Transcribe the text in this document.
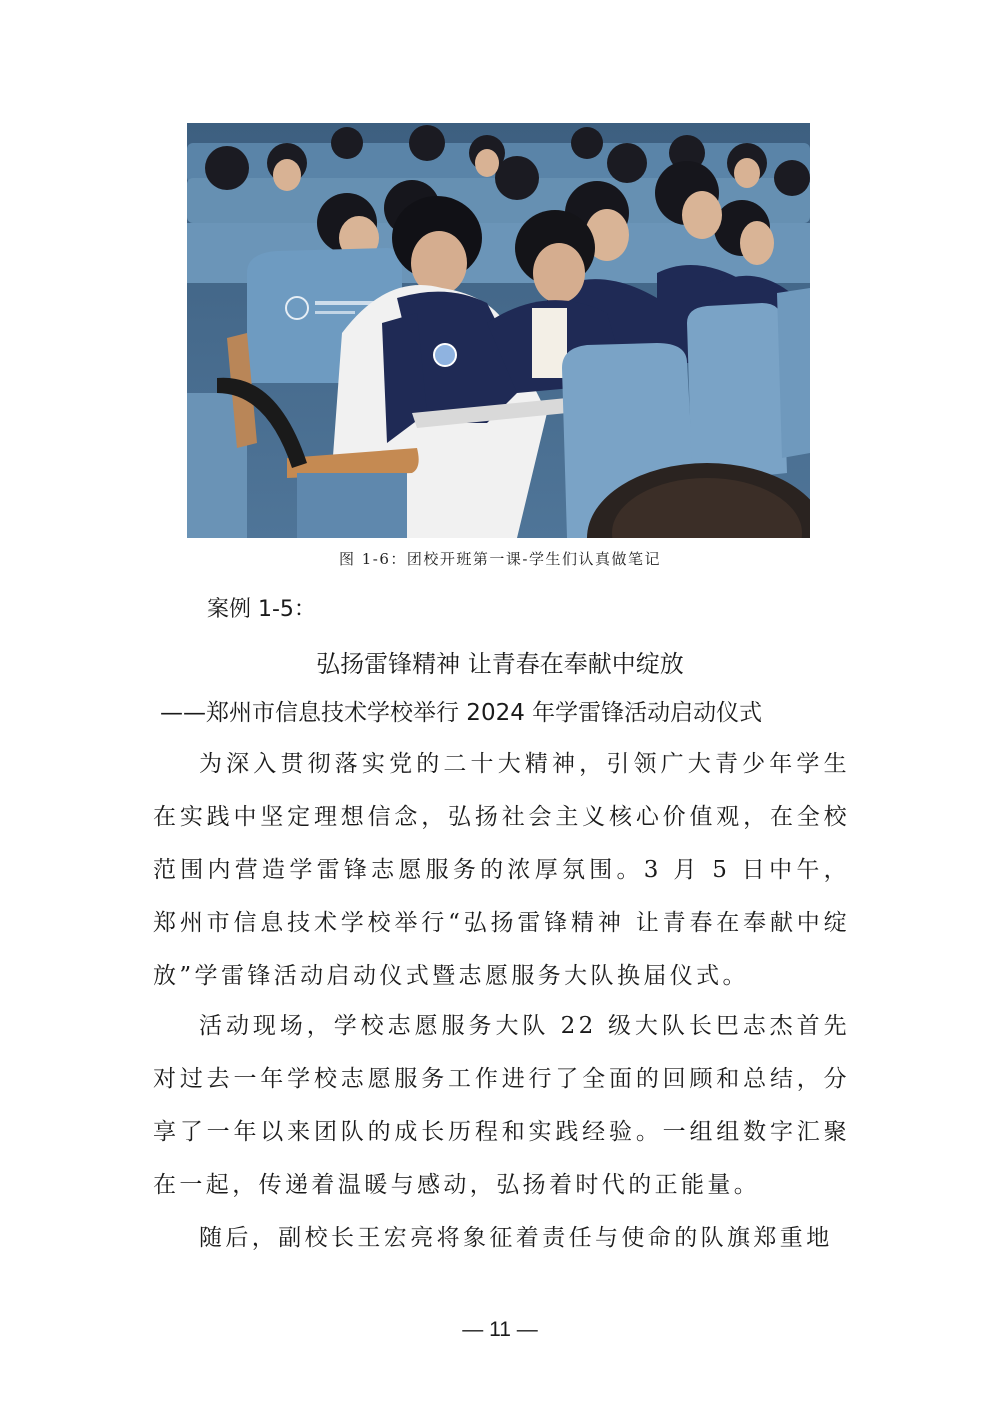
图 1-6：团校开班第一课-学生们认真做笔记
案例 1-5：
弘扬雷锋精神 让青春在奉献中绽放
——郑州市信息技术学校举行 2024 年学雷锋活动启动仪式

为深入贯彻落实党的二十大精神，引领广大青少年学生在实践中坚定理想信念，弘扬社会主义核心价值观，在全校范围内营造学雷锋志愿服务的浓厚氛围。3 月 5 日中午，郑州市信息技术学校举行“弘扬雷锋精神 让青春在奉献中绽放”学雷锋活动启动仪式暨志愿服务大队换届仪式。

活动现场，学校志愿服务大队 22 级大队长巴志杰首先对过去一年学校志愿服务工作进行了全面的回顾和总结，分享了一年以来团队的成长历程和实践经验。一组组数字汇聚在一起，传递着温暖与感动，弘扬着时代的正能量。

随后，副校长王宏亮将象征着责任与使命的队旗郑重地

— 11 —
